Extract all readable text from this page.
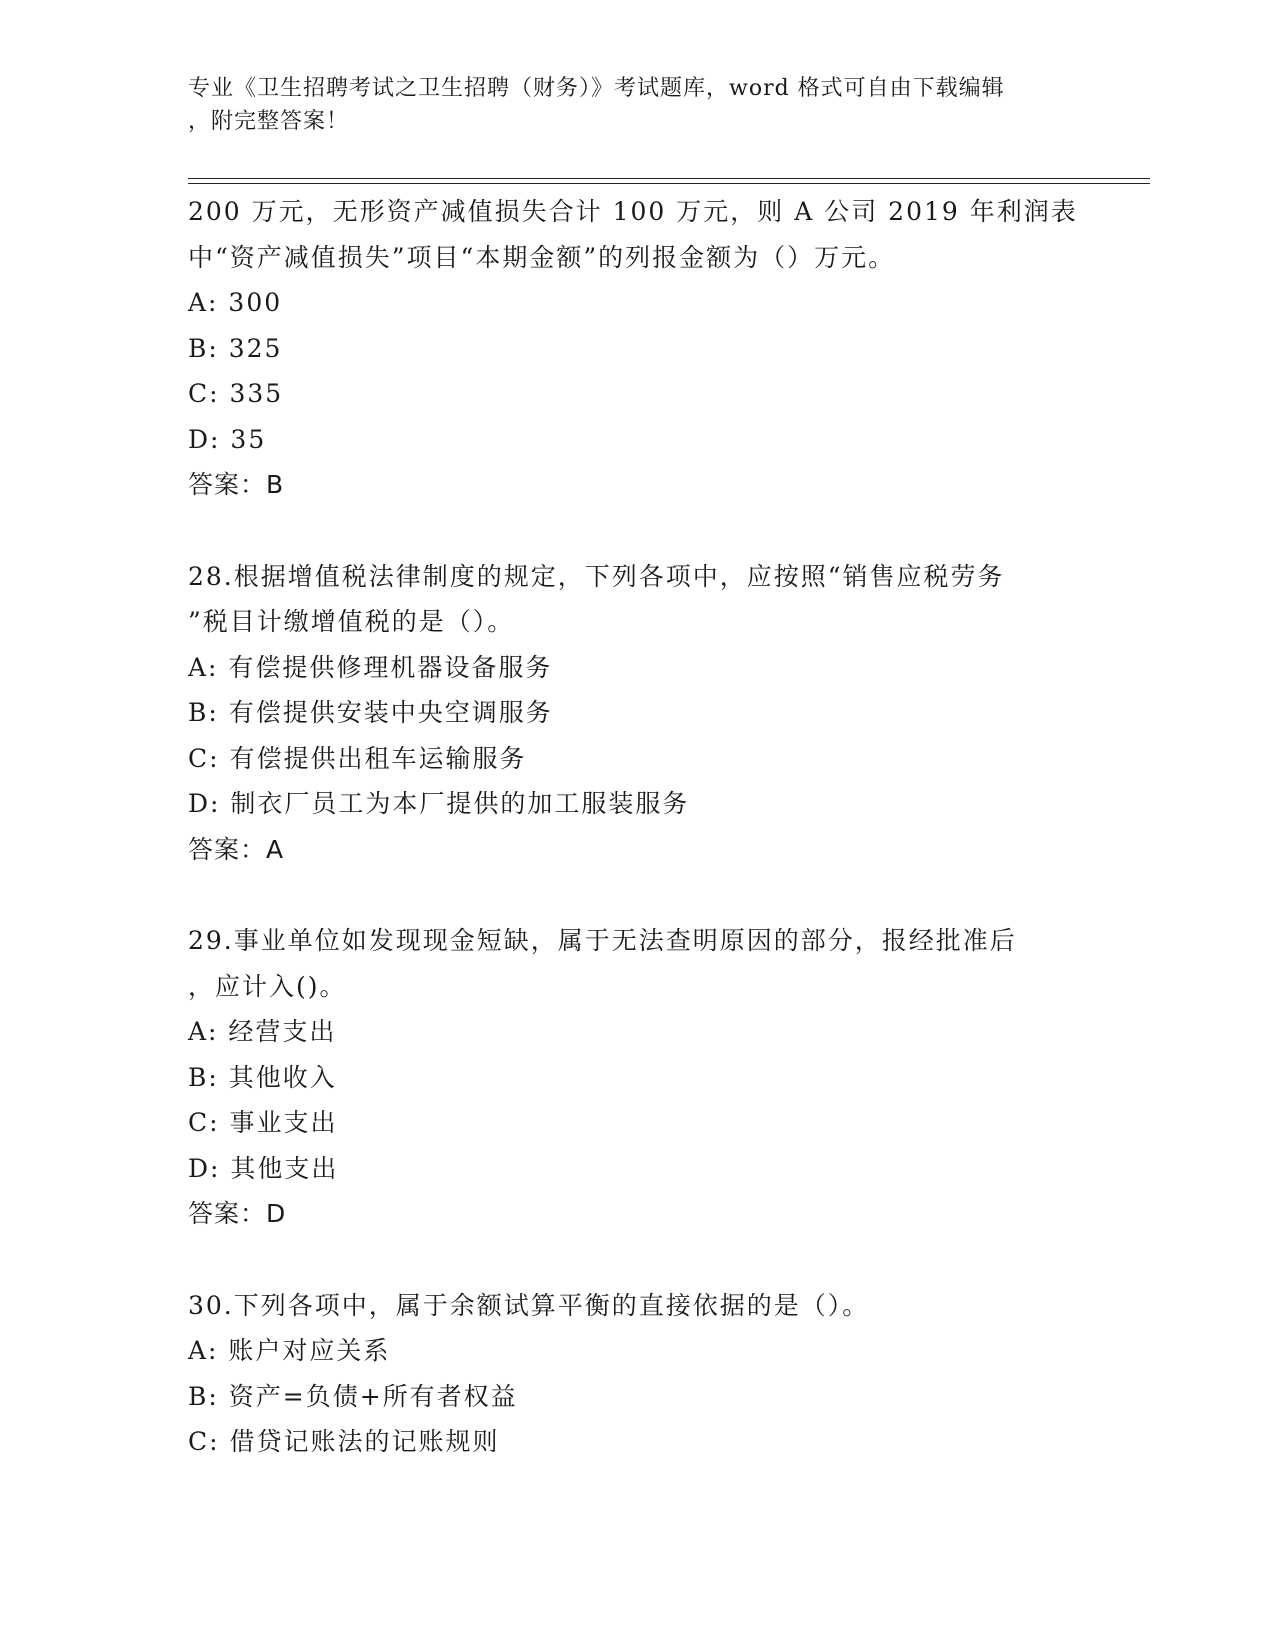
专业《卫生招聘考试之卫生招聘（财务）》考试题库，word 格式可自由下载编辑
，附完整答案！
200 万元，无形资产减值损失合计 100 万元，则 A 公司 2019 年利润表
中“资产减值损失”项目“本期金额”的列报金额为（）万元。
A: 300
B: 325
C: 335
D: 35
答案：B
28.根据增值税法律制度的规定，下列各项中，应按照“销售应税劳务
”税目计缴增值税的是（）。
A: 有偿提供修理机器设备服务
B: 有偿提供安装中央空调服务
C: 有偿提供出租车运输服务
D: 制衣厂员工为本厂提供的加工服装服务
答案：A
29.事业单位如发现现金短缺，属于无法查明原因的部分，报经批准后
，应计入()。
A: 经营支出
B: 其他收入
C: 事业支出
D: 其他支出
答案：D
30.下列各项中，属于余额试算平衡的直接依据的是（）。
A: 账户对应关系
B: 资产=负债+所有者权益
C: 借贷记账法的记账规则
